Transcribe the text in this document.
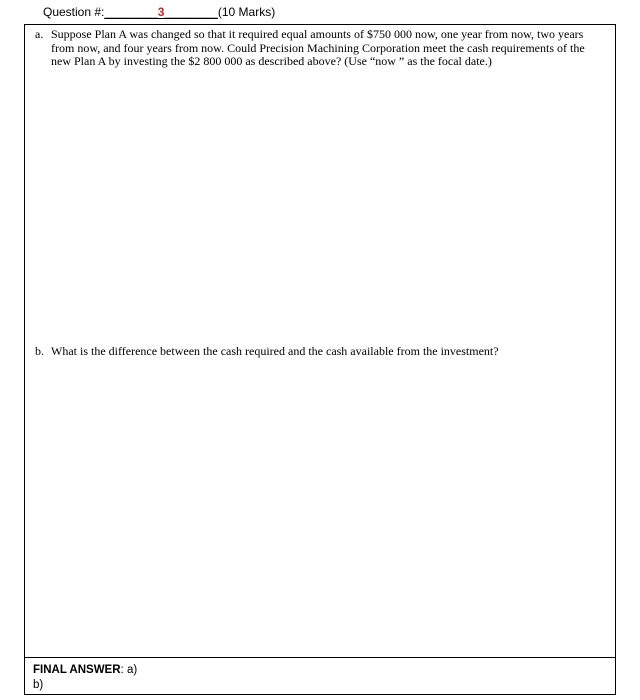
Question #:________3________(10 Marks)
a. Suppose Plan A was changed so that it required equal amounts of $750 000 now, one year from now, two years from now, and four years from now. Could Precision Machining Corporation meet the cash requirements of the new Plan A by investing the $2 800 000 as described above? (Use “now ” as the focal date.)
b. What is the difference between the cash required and the cash available from the investment?
FINAL ANSWER: a)
b)
